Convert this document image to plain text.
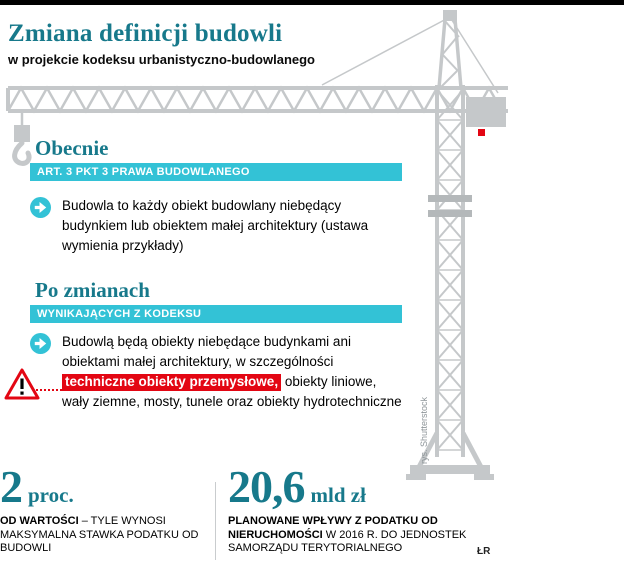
Zmiana definicji budowli
w projekcie kodeksu urbanistyczno-budowlanego
Obecnie
ART. 3 PKT 3 PRAWA BUDOWLANEGO

Budowla to każdy obiekt budowlany niebędący budynkiem lub obiektem małej architektury (ustawa wymienia przykłady)

Po zmianach
WYNIKAJĄCYCH Z KODEKSU

Budowlą będą obiekty niebędące budynkami ani obiektami małej architektury, w szczególności techniczne obiekty przemysłowe, obiekty liniowe, wały ziemne, mosty, tunele oraz obiekty hydrotechniczne

2 proc.
OD WARTOŚCI – TYLE WYNOSI MAKSYMALNA STAWKA PODATKU OD BUDOWLI
20,6 mld zł
PLANOWANE WPŁYWY Z PODATKU OD NIERUCHOMOŚCI W 2016 R. DO JEDNOSTEK SAMORZĄDU TERYTORIALNEGO
rys. Shutterstock
ŁR
